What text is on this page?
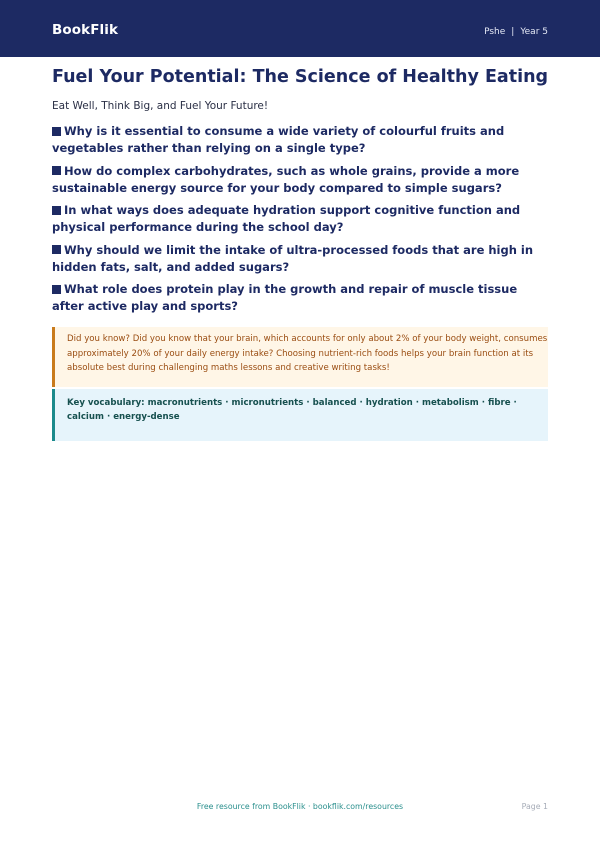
BookFlik	Pshe | Year 5
Fuel Your Potential: The Science of Healthy Eating
Eat Well, Think Big, and Fuel Your Future!
Why is it essential to consume a wide variety of colourful fruits and vegetables rather than relying on a single type?
How do complex carbohydrates, such as whole grains, provide a more sustainable energy source for your body compared to simple sugars?
In what ways does adequate hydration support cognitive function and physical performance during the school day?
Why should we limit the intake of ultra-processed foods that are high in hidden fats, salt, and added sugars?
What role does protein play in the growth and repair of muscle tissue after active play and sports?
Did you know? Did you know that your brain, which accounts for only about 2% of your body weight, consumes approximately 20% of your daily energy intake? Choosing nutrient-rich foods helps your brain function at its absolute best during challenging maths lessons and creative writing tasks!
Key vocabulary: macronutrients · micronutrients · balanced · hydration · metabolism · fibre · calcium · energy-dense
Free resource from BookFlik · bookflik.com/resources	Page 1
